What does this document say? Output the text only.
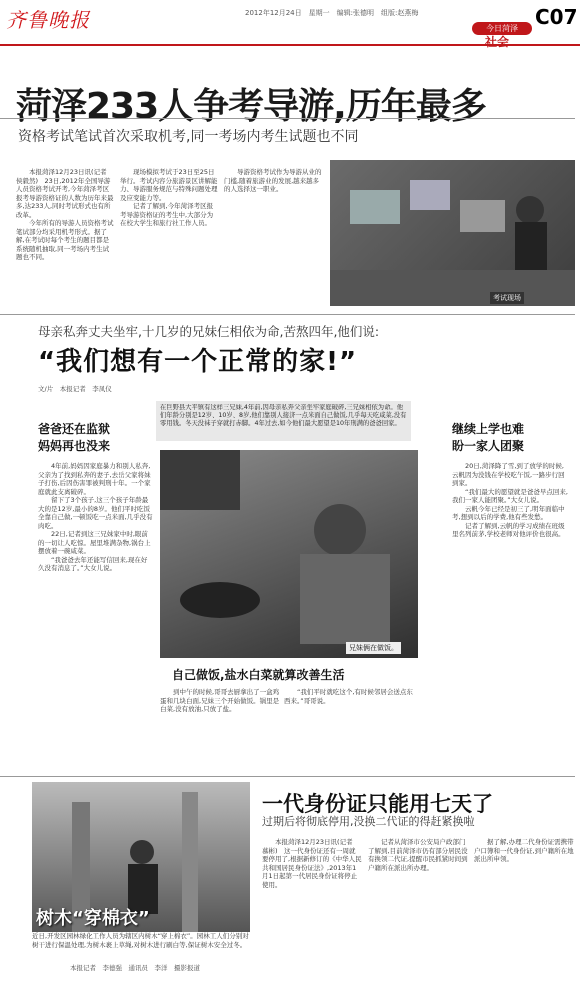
齐鲁晚报	2012年12月24日　星期一　编辑:张德明　组版:赵燕梅	C07
今日菏泽
社会
菏泽233人争考导游,历年最多
资格考试笔试首次采取机考,同一考场内考生试题也不同

本报菏泽12月23日讯(记者　侯毅然)　23日,2012年全国导游人员资格考试开考,今年菏泽考区报考导游资格证的人数为历年来最多,达233人,同时考试形式也有所改革。

今年所有的导游人员资格考试笔试部分均采用机考形式。据了解,在考试时每个考生的题目都是系统随机抽取,同一考场内考生试题也不同。

现场模拟考试于23日至25日举行。考试内容分旅游景区讲解能力、导游服务规范与特殊问题处理及应变能力等。

记者了解到,今年菏泽考区报考导游资格证的考生中,大部分为在校大学生和旅行社工作人员。

导游资格考试作为导游从业的门槛,随着旅游业的发展,越来越多的人选择这一职业。

考试现场
母亲私奔丈夫坐牢,十几岁的兄妹仨相依为命,苦熬四年,他们说:
“我们想有一个正常的家!”
文/片　本报记者　李凤仪
在巨野县大平镇有这样三兄妹,4年前,因母亲私奔父亲坐牢家庭破碎,三兄妹相依为命。他们年龄分别是12岁、10岁、8岁,他们靠别人接济一点米面自己做饭,几乎每天吃咸菜,没有零用钱。冬天没袜子穿就打赤脚。4年过去,如今他们最大愿望是10年刑满的爸爸回家。
爸爸还在监狱
妈妈再也没来

4年前,妈妈因家庭暴力和别人私奔,父亲为了找到私奔的妻子,去岳父家将妹子打伤,后因伤害罪被判刑十年。一个家庭就此支离破碎。

留下了3个孩子,这三个孩子年龄最大的是12岁,最小的8岁。他们平时吃饭全靠自己做,一顿饭吃一点米面,几乎没有肉吃。

22日,记者到这三兄妹家中时,眼前的一切让人吃惊。屋里堆满杂物,锅台上摆放着一碗咸菜。

“我爸爸去年还能写信回来,现在好久没有消息了。”大女儿说。

兄妹俩在做饭。
自己做饭,盐水白菜就算改善生活

到中午的时候,哥哥去厨拿出了一盒鸡蛋和几块白面,兄妹三个开始做饭。锅里是白菜,没有放油,只放了盐。

“我们平时就吃这个,有时候邻居会送点东西来。”哥哥说。

继续上学也难
盼一家人团聚

20日,菏泽降了雪,到了放学的时候,云帆因为没钱在学校吃午饭,一路步行回到家。

“我们最大的愿望就是爸爸早点回来,我们一家人能团聚。”大女儿说。

云帆今年已经是初三了,明年面临中考,想到以后的学费,他有些发愁。

记者了解到,云帆的学习成绩在班级里名列前茅,学校老师对他评价也很高。

树木“穿棉衣”
近日,开发区园林绿化工作人员为辖区内树木“穿上棉衣”。园林工人们分别对树干进行保温处理,为树木裹上草绳,对树木进行刷白等,保证树木安全过冬。
本报记者　李德强　通讯员　李洋　摄影报道
一代身份证只能用七天了
过期后将彻底停用,没换二代证的得赶紧换啦

本报菏泽12月23日讯(记者　慕彬)　这一代身份证还有一周就要停用了,根据新修订的《中华人民共和国居民身份证法》,2013年1月1日起第一代居民身份证将停止使用。

记者从菏泽市公安局户政部门了解到,目前菏泽市仍有部分居民没有换领二代证,提醒市民抓紧时间到户籍所在派出所办理。

据了解,办理二代身份证需携带户口簿和一代身份证,到户籍所在地派出所申领。
